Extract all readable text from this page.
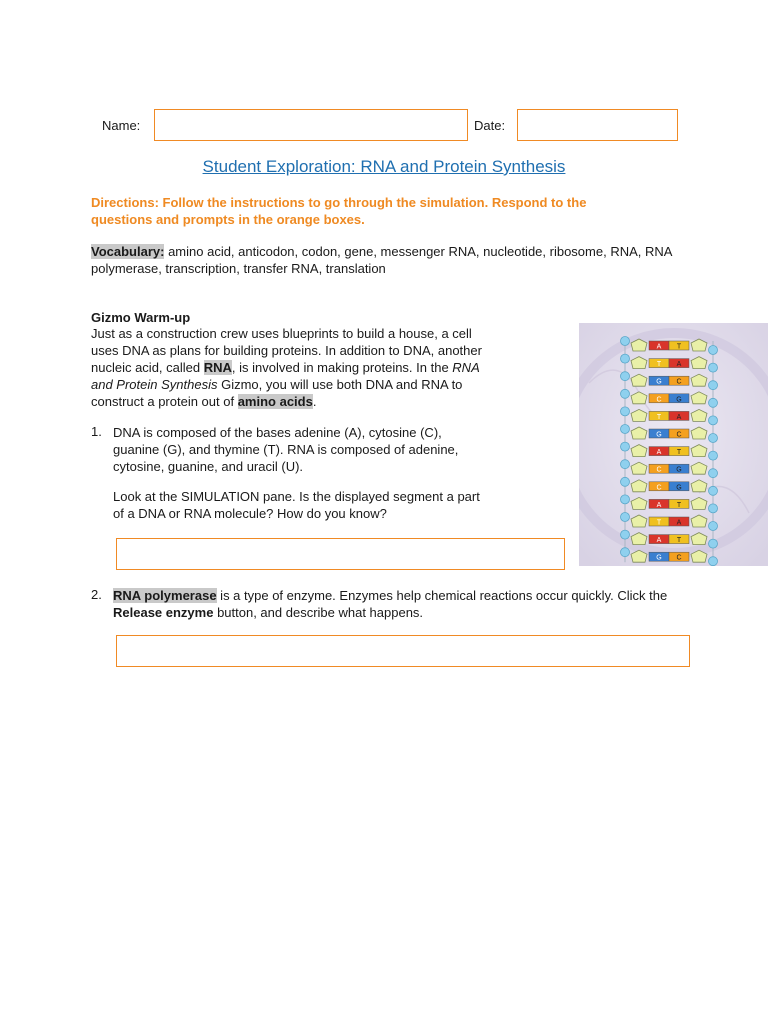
Name:	Date:
Student Exploration: RNA and Protein Synthesis
Directions: Follow the instructions to go through the simulation. Respond to the questions and prompts in the orange boxes.
Vocabulary: amino acid, anticodon, codon, gene, messenger RNA, nucleotide, ribosome, RNA, RNA polymerase, transcription, transfer RNA, translation
Gizmo Warm-up
Just as a construction crew uses blueprints to build a house, a cell uses DNA as plans for building proteins. In addition to DNA, another nucleic acid, called RNA, is involved in making proteins. In the RNA and Protein Synthesis Gizmo, you will use both DNA and RNA to construct a protein out of amino acids.
A T
T A
G C
C G
T A
G C
A T
C G
C G
A T
T A
A T
G C
1. DNA is composed of the bases adenine (A), cytosine (C), guanine (G), and thymine (T). RNA is composed of adenine, cytosine, guanine, and uracil (U).
Look at the SIMULATION pane. Is the displayed segment a part of a DNA or RNA molecule? How do you know?
2. RNA polymerase is a type of enzyme. Enzymes help chemical reactions occur quickly. Click the Release enzyme button, and describe what happens.
